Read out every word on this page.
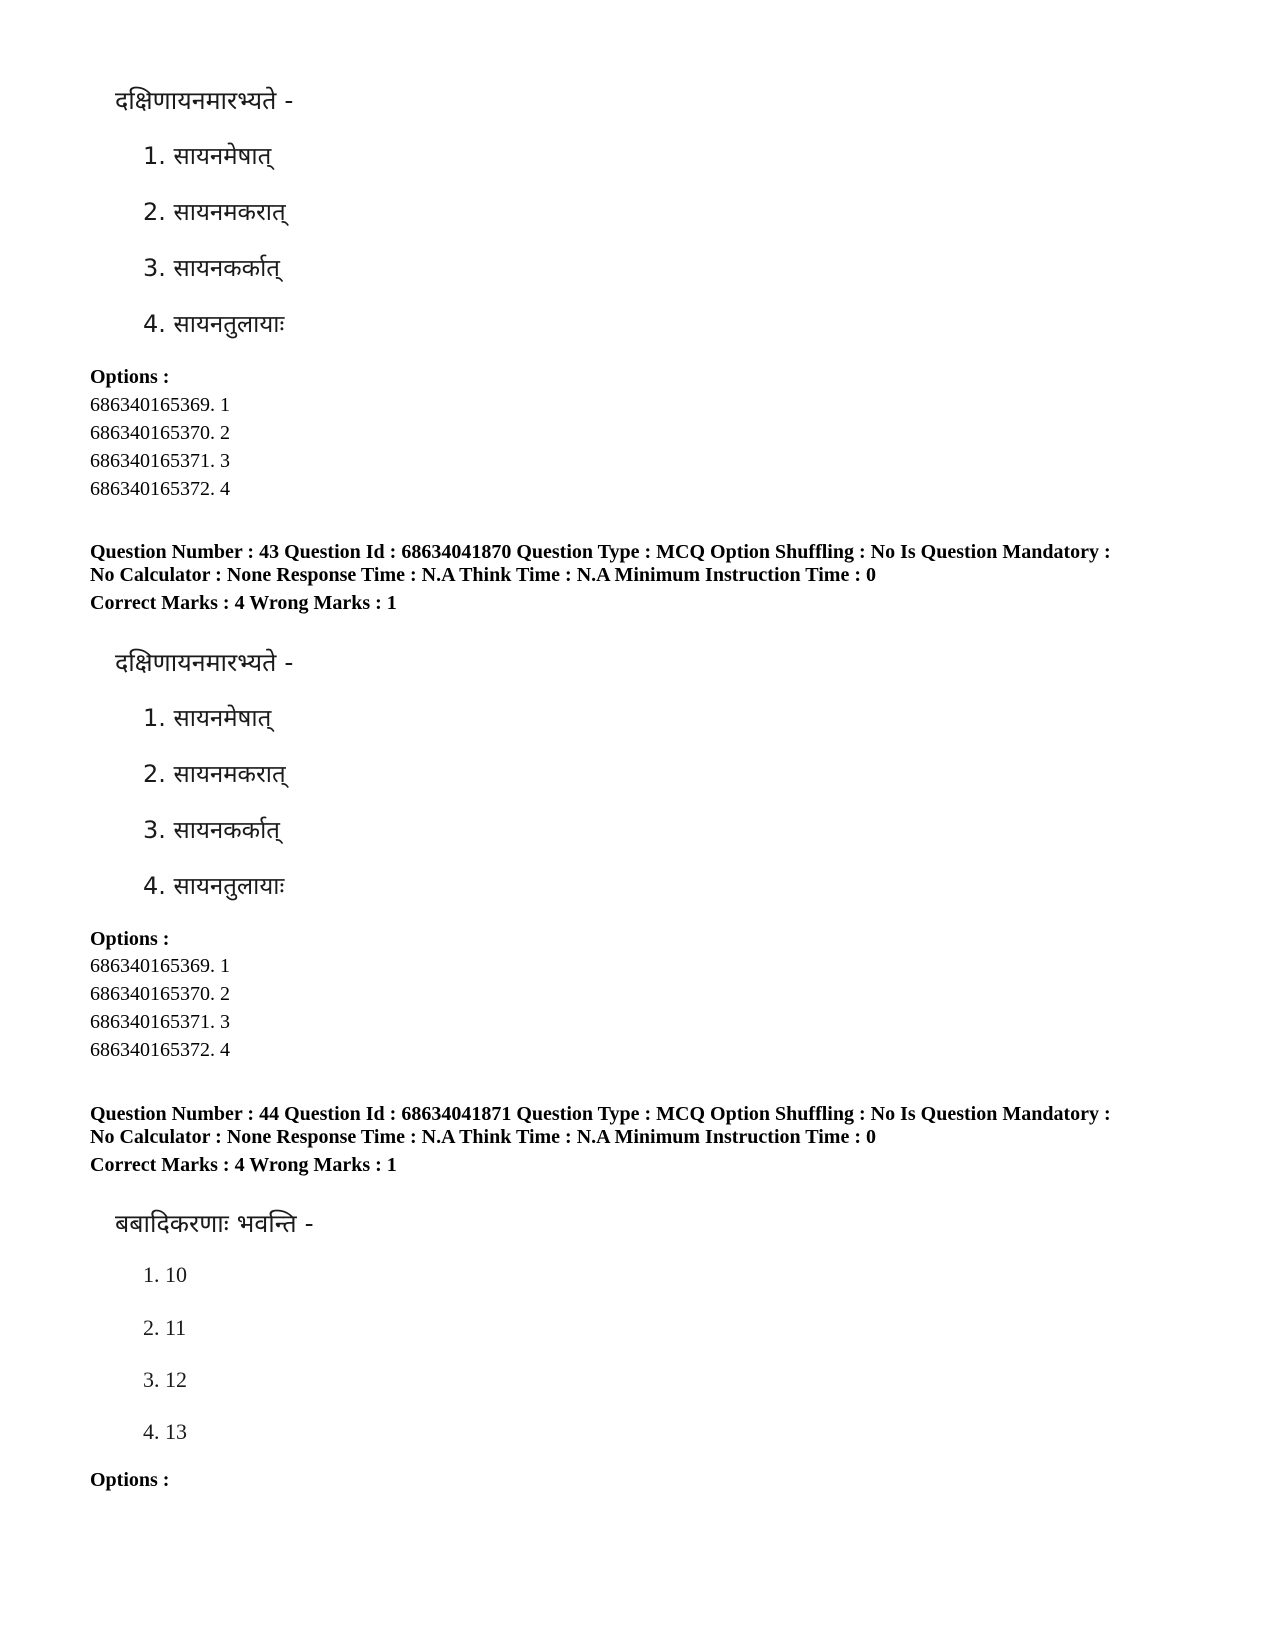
दक्षिणायनमारभ्यते -
1. सायनमेषात्
2. सायनमकरात्
3. सायनकर्कात्
4. सायनतुलायाः
Options :
686340165369. 1
686340165370. 2
686340165371. 3
686340165372. 4
Question Number : 43 Question Id : 68634041870 Question Type : MCQ Option Shuffling : No Is Question Mandatory :
No Calculator : None Response Time : N.A Think Time : N.A Minimum Instruction Time : 0
Correct Marks : 4 Wrong Marks : 1
दक्षिणायनमारभ्यते -
1. सायनमेषात्
2. सायनमकरात्
3. सायनकर्कात्
4. सायनतुलायाः
Options :
686340165369. 1
686340165370. 2
686340165371. 3
686340165372. 4
Question Number : 44 Question Id : 68634041871 Question Type : MCQ Option Shuffling : No Is Question Mandatory :
No Calculator : None Response Time : N.A Think Time : N.A Minimum Instruction Time : 0
Correct Marks : 4 Wrong Marks : 1
बबादिकरणाः भवन्ति -
1. 10
2. 11
3. 12
4. 13
Options :
